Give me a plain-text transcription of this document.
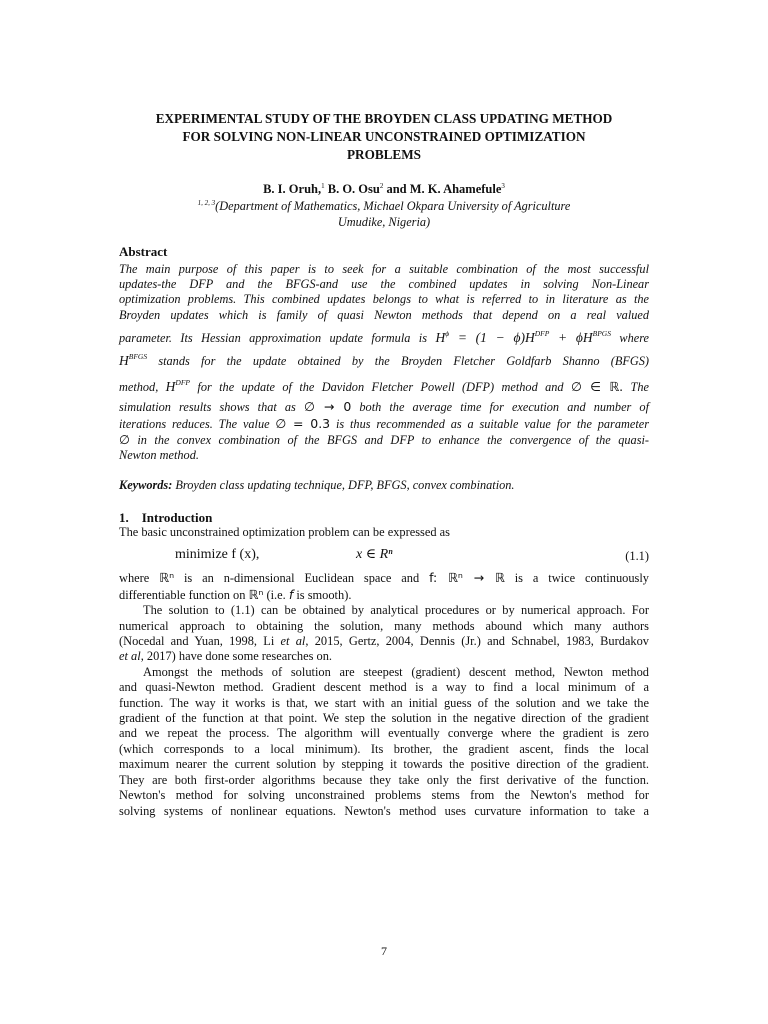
EXPERIMENTAL STUDY OF THE BROYDEN CLASS UPDATING METHOD
FOR SOLVING NON-LINEAR UNCONSTRAINED OPTIMIZATION
PROBLEMS
B. I. Oruh,$^1$ B. O. Osu$^2$ and M. K. Ahamefule$^3$
$^{1, 2, 3}$(Department of Mathematics, Michael Okpara University of Agriculture
Umudike, Nigeria)
Abstract
The main purpose of this paper is to seek for a suitable combination of the most successful
updates-the DFP and the BFGS-and use the combined updates in solving Non-Linear
optimization problems. This combined updates belongs to what is referred to in literature as the
Broyden updates which is family of quasi Newton methods that depend on a real valued
parameter. Its Hessian approximation update formula is $H^\phi = (1 - \phi)H^{DFP} + \phi H^{BPGS}$ where
$H^{BFGS}$ stands for the update obtained by the Broyden Fletcher Goldfarb Shanno (BFGS)
method, $H^{DFP}$ for the update of the Davidon Fletcher Powell (DFP) method and ∅ ∈ ℝ. The
simulation results shows that as ∅ → 0 both the average time for execution and number of
iterations reduces. The value ∅ = 0.3 is thus recommended as a suitable value for the parameter
∅ in the convex combination of the BFGS and DFP to enhance the convergence of the quasi-
Newton method.
Keywords: Broyden class updating technique, DFP, BFGS, convex combination.
1.    Introduction
The basic unconstrained optimization problem can be expressed as
minimize f (x),	x ∈ Rⁿ	(1.1)
where ℝⁿ is an n-dimensional Euclidean space and f: ℝⁿ → ℝ is a twice continuously
differentiable function on ℝⁿ (i.e. f is smooth).
The solution to (1.1) can be obtained by analytical procedures or by numerical approach. For
numerical approach to obtaining the solution, many methods abound which many authors
(Nocedal and Yuan, 1998, Li et al, 2015, Gertz, 2004, Dennis (Jr.) and Schnabel, 1983, Burdakov
et al, 2017) have done some researches on.
Amongst the methods of solution are steepest (gradient) descent method, Newton method
and quasi-Newton method. Gradient descent method is a way to find a local minimum of a
function. The way it works is that, we start with an initial guess of the solution and we take the
gradient of the function at that point. We step the solution in the negative direction of the gradient
and we repeat the process. The algorithm will eventually converge where the gradient is zero
(which corresponds to a local minimum). Its brother, the gradient ascent, finds the local
maximum nearer the current solution by stepping it towards the positive direction of the gradient.
They are both first-order algorithms because they take only the first derivative of the function.
Newton's method for solving unconstrained problems stems from the Newton's method for
solving systems of nonlinear equations. Newton's method uses curvature information to take a
7
